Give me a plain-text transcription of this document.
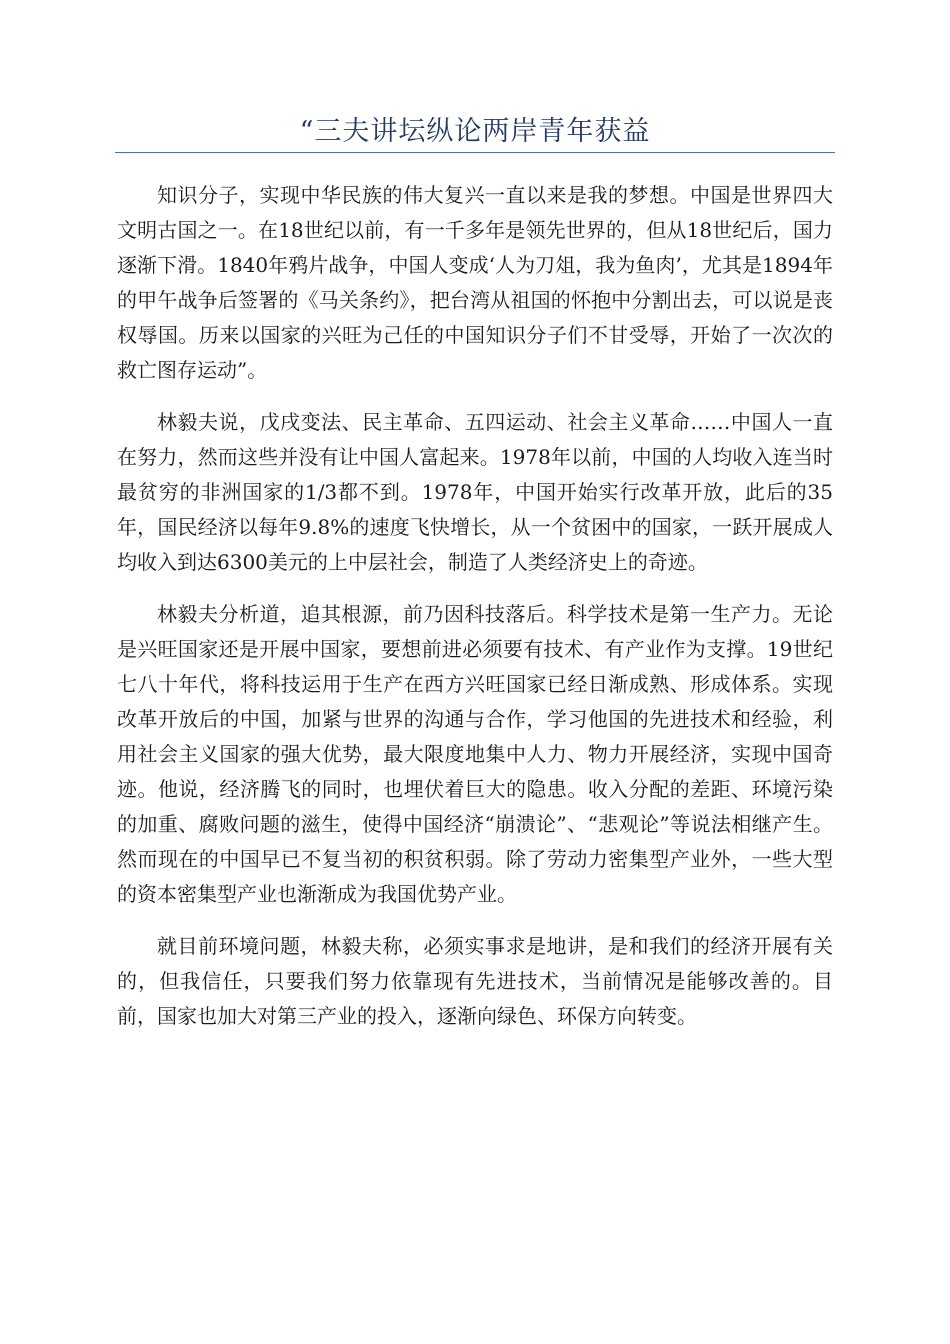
“三夫讲坛纵论两岸青年获益

知识分子，实现中华民族的伟大复兴一直以来是我的梦想。中国是世界四大文明古国之一。在18世纪以前，有一千多年是领先世界的，但从18世纪后，国力逐渐下滑。1840年鸦片战争，中国人变成‘人为刀俎，我为鱼肉’，尤其是1894年的甲午战争后签署的《马关条约》，把台湾从祖国的怀抱中分割出去，可以说是丧权辱国。历来以国家的兴旺为己任的中国知识分子们不甘受辱，开始了一次次的救亡图存运动”。

林毅夫说，戊戌变法、民主革命、五四运动、社会主义革命……中国人一直在努力，然而这些并没有让中国人富起来。1978年以前，中国的人均收入连当时最贫穷的非洲国家的1/3都不到。1978年，中国开始实行改革开放，此后的35年，国民经济以每年9.8%的速度飞快增长，从一个贫困中的国家，一跃开展成人均收入到达6300美元的上中层社会，制造了人类经济史上的奇迹。

林毅夫分析道，追其根源，前乃因科技落后。科学技术是第一生产力。无论是兴旺国家还是开展中国家，要想前进必须要有技术、有产业作为支撑。19世纪七八十年代，将科技运用于生产在西方兴旺国家已经日渐成熟、形成体系。实现改革开放后的中国，加紧与世界的沟通与合作，学习他国的先进技术和经验，利用社会主义国家的强大优势，最大限度地集中人力、物力开展经济，实现中国奇迹。他说，经济腾飞的同时，也埋伏着巨大的隐患。收入分配的差距、环境污染的加重、腐败问题的滋生，使得中国经济“崩溃论”、“悲观论”等说法相继产生。然而现在的中国早已不复当初的积贫积弱。除了劳动力密集型产业外，一些大型的资本密集型产业也渐渐成为我国优势产业。

就目前环境问题，林毅夫称，必须实事求是地讲，是和我们的经济开展有关的，但我信任，只要我们努力依靠现有先进技术，当前情况是能够改善的。目前，国家也加大对第三产业的投入，逐渐向绿色、环保方向转变。
